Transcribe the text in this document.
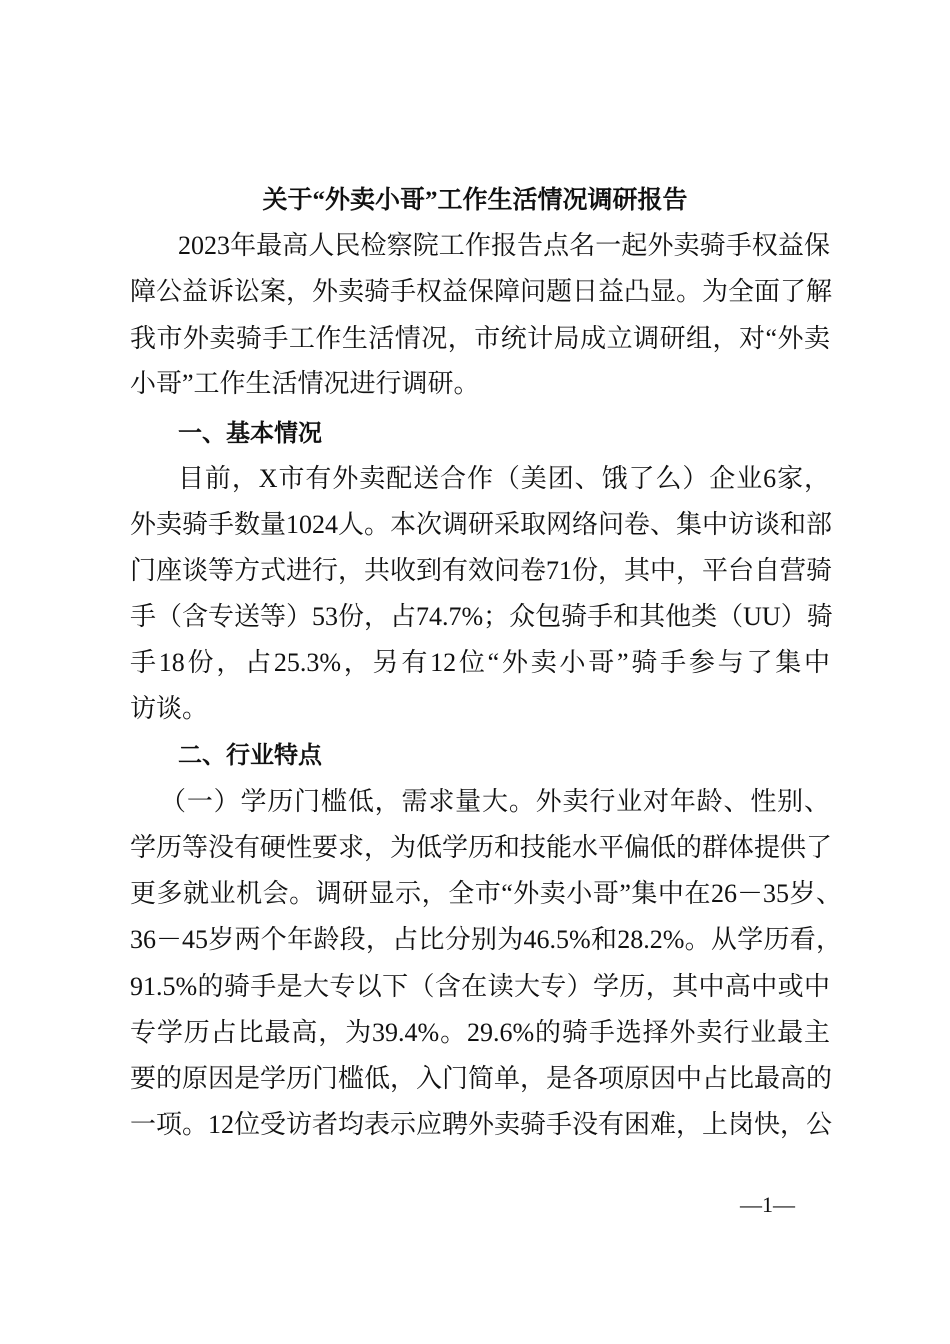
关于“外卖小哥”工作生活情况调研报告
2023年最高人民检察院工作报告点名一起外卖骑手权益保
障公益诉讼案，外卖骑手权益保障问题日益凸显。为全面了解
我市外卖骑手工作生活情况，市统计局成立调研组，对“外卖
小哥”工作生活情况进行调研。
一、基本情况
目前，X市有外卖配送合作（美团、饿了么）企业6家，
外卖骑手数量1024人。本次调研采取网络问卷、集中访谈和部
门座谈等方式进行，共收到有效问卷71份，其中，平台自营骑
手（含专送等）53份，占74.7%；众包骑手和其他类（UU）骑
手18份，占25.3%，另有12位“外卖小哥”骑手参与了集中
访谈。
二、行业特点
（一）学历门槛低，需求量大。外卖行业对年龄、性别、
学历等没有硬性要求，为低学历和技能水平偏低的群体提供了
更多就业机会。调研显示，全市“外卖小哥”集中在26－35岁、
36－45岁两个年龄段，占比分别为46.5%和28.2%。从学历看，
91.5%的骑手是大专以下（含在读大专）学历，其中高中或中
专学历占比最高，为39.4%。29.6%的骑手选择外卖行业最主
要的原因是学历门槛低，入门简单，是各项原因中占比最高的
一项。12位受访者均表示应聘外卖骑手没有困难，上岗快，公
—1—
